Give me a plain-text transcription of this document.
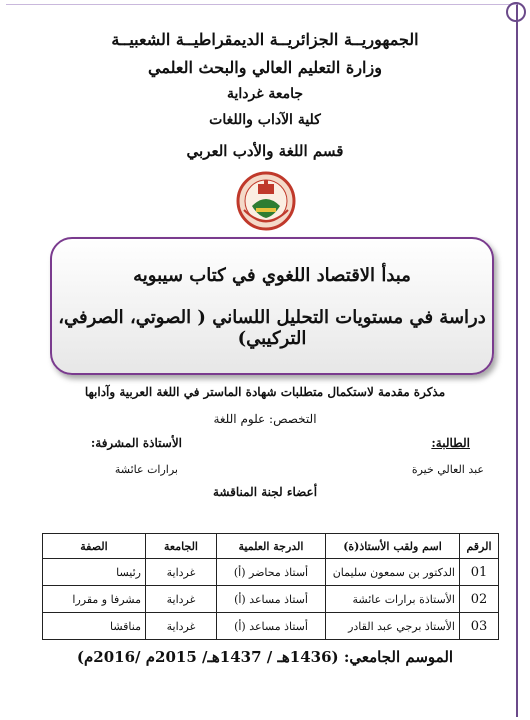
الجمهوريــة الجزائريــة الديمقراطيــة الشعبيــة
وزارة التعليم العالي والبحث العلمي
جامعة غرداية
كلية الآداب واللغات
قسم اللغة والأدب العربي
مبدأ الاقتصاد اللغوي في كتاب سيبويه
دراسة في مستويات التحليل اللساني ( الصوتي، الصرفي، التركيبي)
مذكرة مقدمة لاستكمال متطلبات شهادة الماستر في اللغة العربية وآدابها
التخصص: علوم اللغة
الطالبة:
الأستاذة المشرفة:
عبد العالي خيرة
برارات عائشة
أعضاء لجنة المناقشة
الرقم	اسم ولقب الأستاذ(ة)	الدرجة العلمية	الجامعة	الصفة
01	الدكتور بن سمعون سليمان	أستاذ محاضر (أ)	غرداية	رئيسا
02	الأستاذة برارات عائشة	أستاذ مساعد (أ)	غرداية	مشرفا و مقررا
03	الأستاذ برجي عبد القادر	أستاذ مساعد (أ)	غرداية	مناقشا
الموسم الجامعي: (1436هـ / 1437هـ/ 2015م /2016م)
